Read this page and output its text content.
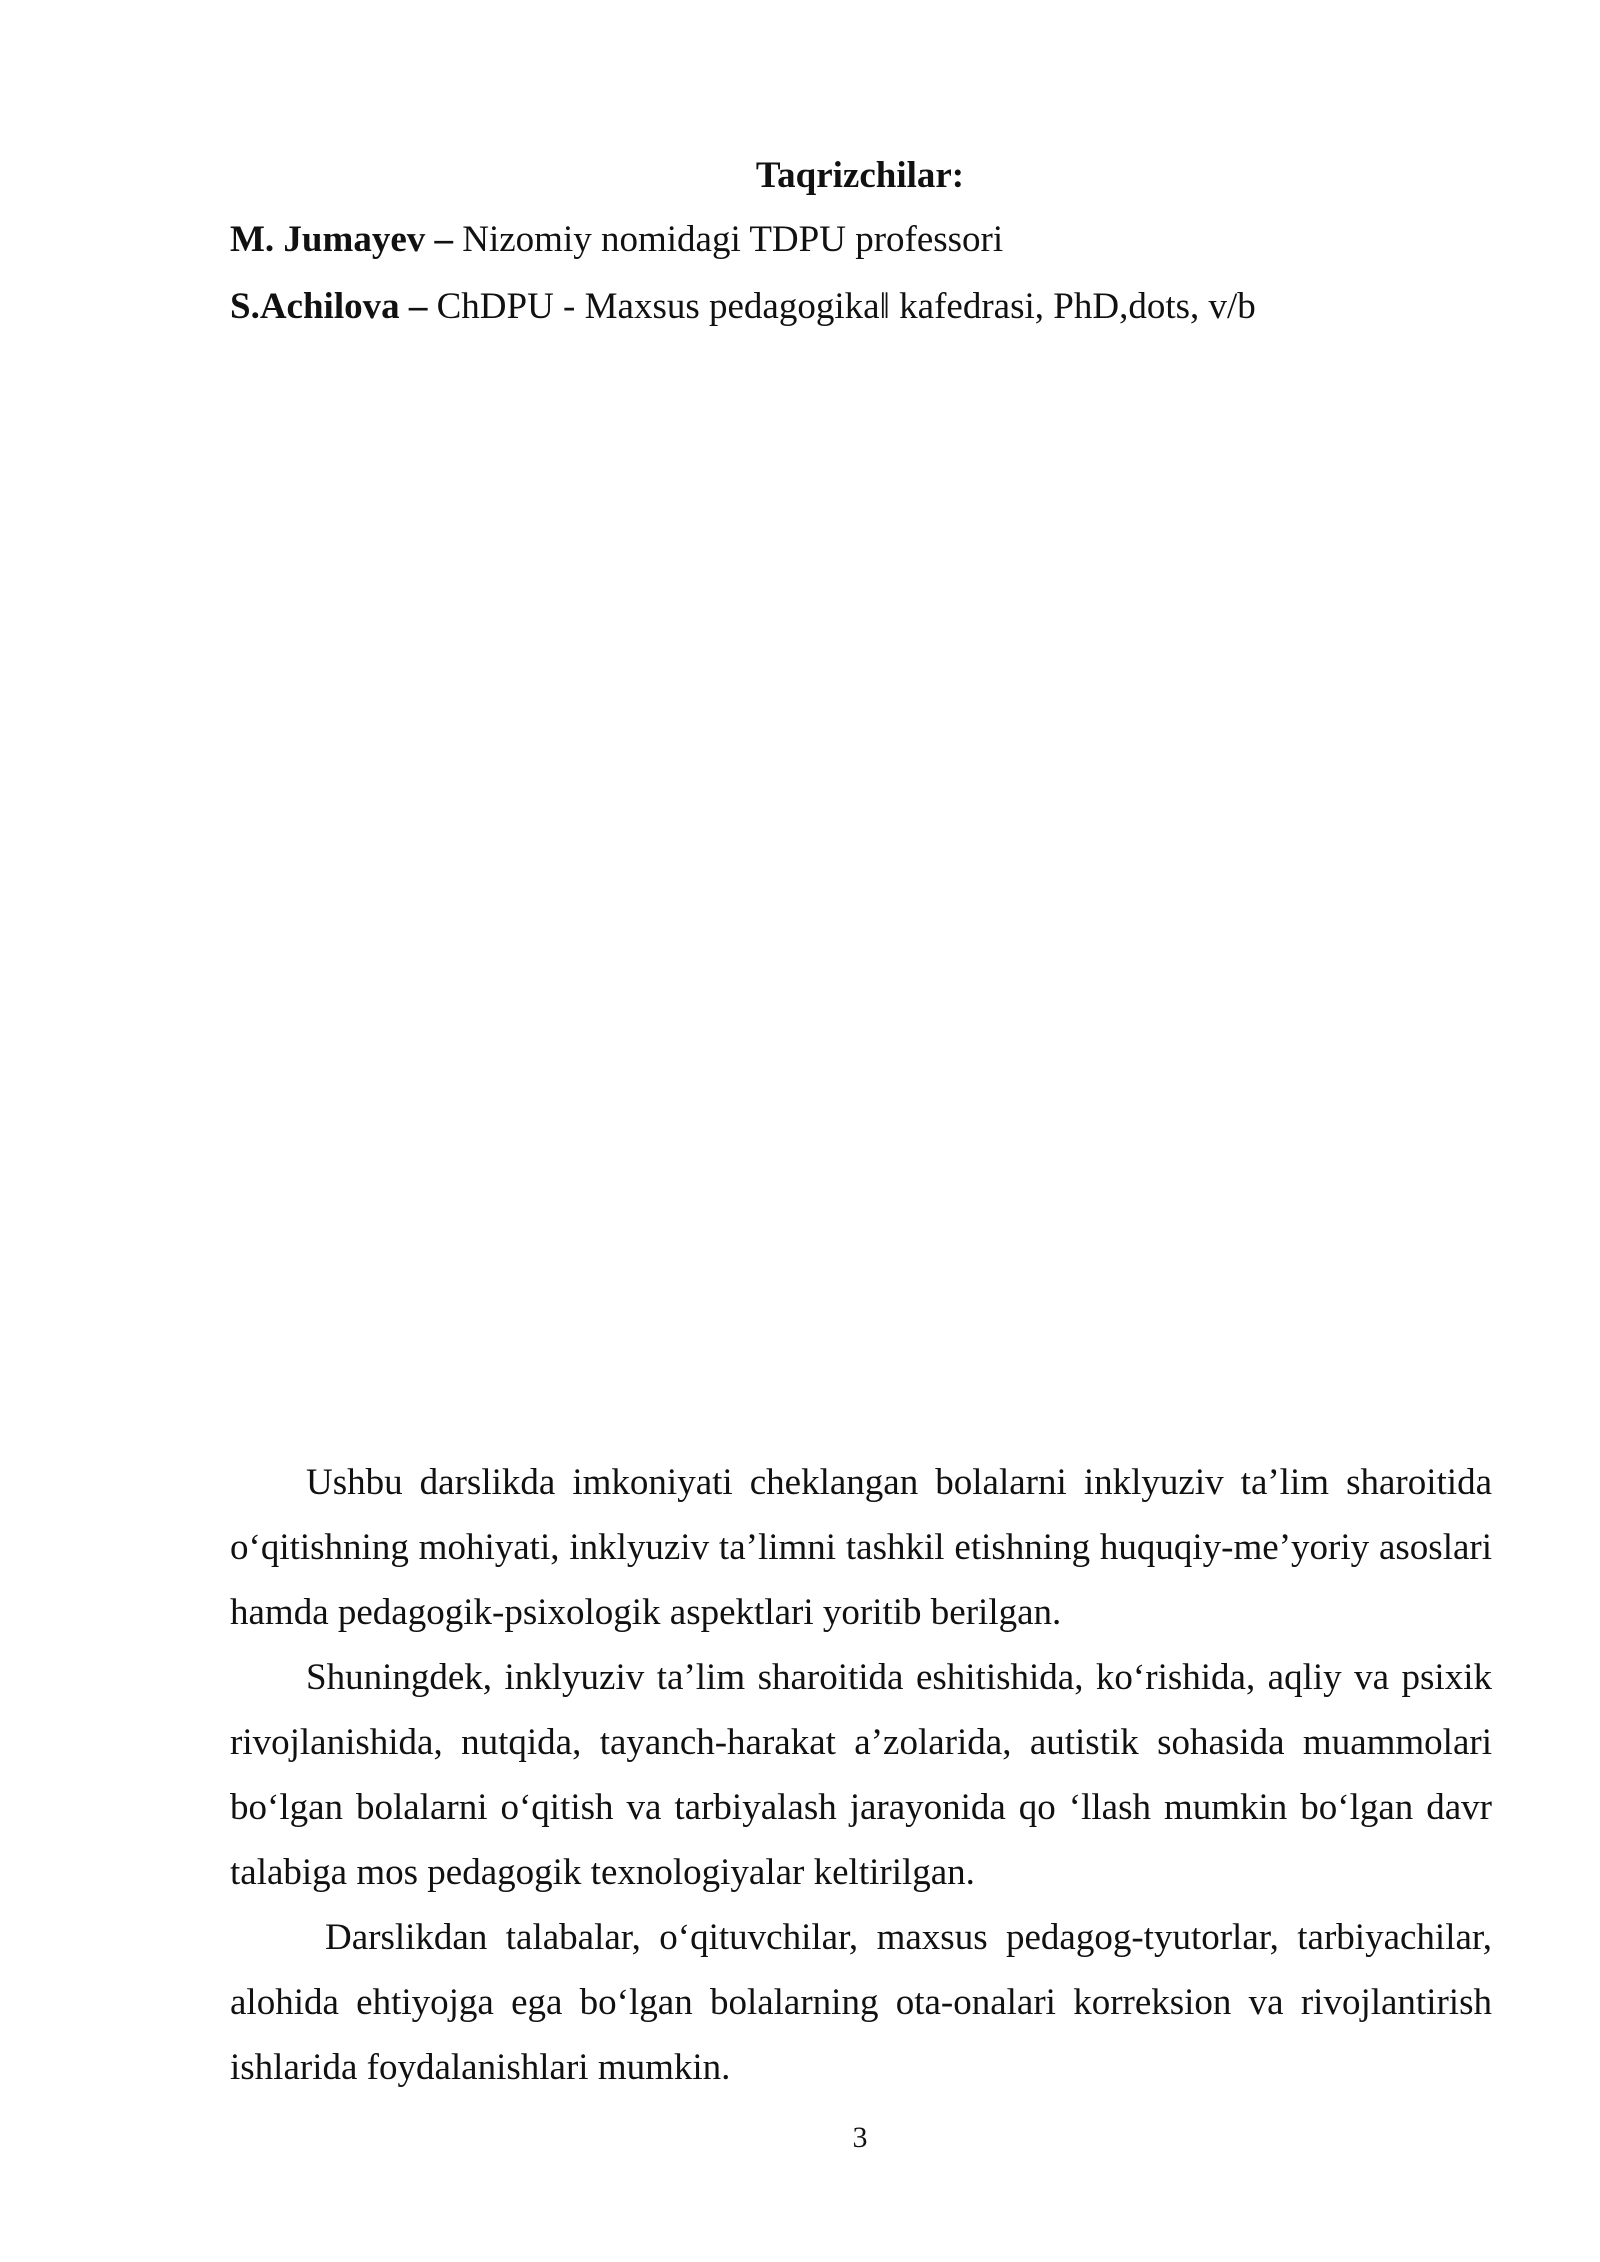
Taqrizchilar:
M. Jumayev – Nizomiy nomidagi TDPU professori
S.Achilova – ChDPU - Maxsus pedagogika‖ kafedrasi, PhD,dots, v/b

Ushbu darslikda imkoniyati cheklangan bolalarni inklyuziv ta’lim sharoitida o‘qitishning mohiyati, inklyuziv ta’limni tashkil etishning huquqiy-me’yoriy asoslari hamda pedagogik-psixologik aspektlari yoritib berilgan.

Shuningdek, inklyuziv ta’lim sharoitida eshitishida, ko‘rishida, aqliy va psixik rivojlanishida, nutqida, tayanch-harakat a’zolarida, autistik sohasida muammolari bo‘lgan bolalarni o‘qitish va tarbiyalash jarayonida qo ‘llash mumkin bo‘lgan davr talabiga mos pedagogik texnologiyalar keltirilgan.

Darslikdan talabalar, o‘qituvchilar, maxsus pedagog-tyutorlar, tarbiyachilar, alohida ehtiyojga ega bo‘lgan bolalarning ota-onalari korreksion va rivojlantirish ishlarida foydalanishlari mumkin.

3
